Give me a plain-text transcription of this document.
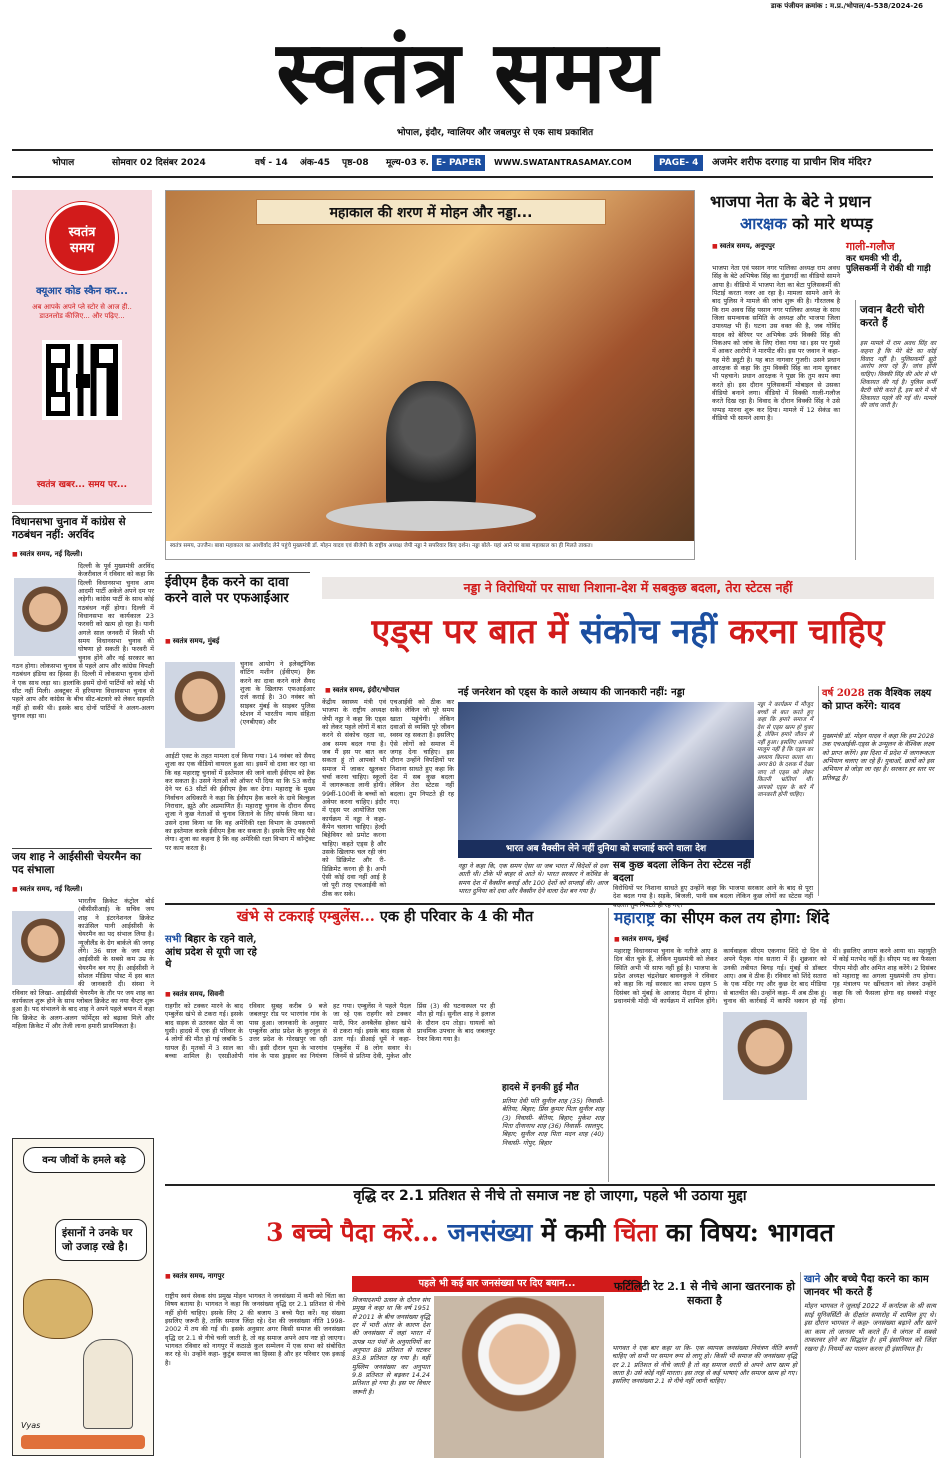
डाक पंजीयन क्रमांक : म.प्र./भोपाल/4-538/2024-26
स्वतंत्र समय
भोपाल, इंदौर, ग्वालियर और जबलपुर से एक साथ प्रकाशित
भोपाल	सोमवार 02 दिसंबर 2024	वर्ष - 14 अंक-45 पृष्ठ-08 मूल्य-03 रु. E- PAPER	WWW.SWATANTRASAMAY.COM	PAGE- 4	अजमेर शरीफ दरगाह या प्राचीन शिव मंदिर?
स्वतंत्र
समय
क्यूआर कोड स्कैन कर...
अब आपके अपने प्ले स्टोर से आज ही.. डाउनलोड कीजिए... और पढ़िए...
स्वतंत्र खबर... समय पर...
महाकाल की शरण में मोहन और नड्डा...
स्वतंत्र समय, उज्जैन। बाबा महाकाल का आशीर्वाद लेने पहुंचे मुख्यमंत्री डॉ. मोहन यादव एवं बीजेपी के राष्ट्रीय अध्यक्ष जेपी नड्डा ने सपरिवार किए दर्शन। नड्डा बोले- यहां आने पर बाबा महाकाल का ही मिलते ताकत।
भाजपा नेता के बेटे ने प्रधान
आरक्षक को मारे थप्पड़
■ स्वतंत्र समय, अनूपपुर	गाली-गलौज
कर धमकी भी दी, पुलिसकर्मी ने रोकी थी गाड़ी
भाजपा नेता एवं पसान नगर पालिका अध्यक्ष राम अवध सिंह के बेटे अभिषेक सिंह का गुंडागर्दी का वीडियो सामने आया है। वीडियो में भाजपा नेता का बेटा पुलिसकर्मी की पिटाई करता नजर आ रहा है। मामला सामने आने के बाद पुलिस ने मामले की जांच शुरू की है। गौरतलब है कि राम अवध सिंह पसान नगर पालिका अध्यक्ष के साथ जिला समन्वयक समिति के अध्यक्ष और भाजपा जिला उपाध्यक्ष भी हैं। घटना उस वक्त की है, जब गोविंद यादव को बेरियर पर अभिषेक उर्फ विक्की सिंह की पिकअप को जांच के लिए रोका गया था। इस पर गुस्से में आकर आरोपी ने मारपीट की। इस पर जवान ने कहा- यह मेरी ड्यूटी है। यह बात नागवार गुजरी। उसने प्रधान आरक्षक से कहा कि तुम विक्की सिंह का नाम सुनकर भी पहचाने। प्रधान आरक्षक ने पूछा कि तुम काम क्या करते हो। इस दौरान पुलिसकर्मी मोबाइल से उसका वीडियो बनाने लगा। वीडियो में विक्की गाली-गलौज करते दिख रहा है। विवाद के दौरान विक्की सिंह ने उसे थप्पड़ मारना शुरू कर दिया। मामले में 12 सेकंड का वीडियो भी सामने आया है।
जवान बैटरी चोरी करते हैं
इस मामले में राम अवध सिंह का कहना है कि मेरे बेटे का कोई विवाद नहीं है। पुलिसकर्मी झूठे आरोप लगा रहे हैं। जांच होनी चाहिए। विक्की सिंह की ओर से भी शिकायत की गई है। पुलिस कर्मी बैटरी चोरी करते हैं, इस बारे में भी शिकायत पहले की गई थी। मामले की जांच जारी है।
विधानसभा चुनाव में कांग्रेस से गठबंधन नहीं: अरविंद
■ स्वतंत्र समय, नई दिल्ली।
दिल्ली के पूर्व मुख्यमंत्री अरविंद केजरीवाल ने रविवार को कहा कि दिल्ली विधानसभा चुनाव आम आदमी पार्टी अकेले अपने दम पर लड़ेगी। कांग्रेस पार्टी के साथ कोई गठबंधन नहीं होगा। दिल्ली में विधानसभा का कार्यकाल 23 फरवरी को खत्म हो रहा है। यानी अगले साल जनवरी में किसी भी समय विधानसभा चुनाव की घोषणा हो सकती है। फरवरी में चुनाव होंगे और नई सरकार का गठन होगा। लोकसभा चुनाव से पहले आप और कांग्रेस विपक्षी गठबंधन इंडिया का हिस्सा हैं। दिल्ली में लोकसभा चुनाव दोनों ने एक साथ लड़ा था। हालांकि इसमें दोनों पार्टियों को कोई भी सीट नहीं मिली। अक्टूबर में हरियाणा विधानसभा चुनाव से पहले आप और कांग्रेस के बीच सीट-बंटवारे को लेकर सहमति नहीं हो सकी थी। इसके बाद दोनों पार्टियों ने अलग-अलग चुनाव लड़ा था।
जय शाह ने आईसीसी चेयरमैन का पद संभाला
■ स्वतंत्र समय, नई दिल्ली।
भारतीय क्रिकेट कंट्रोल बोर्ड (बीसीसीआई) के सचिव जय शाह ने इंटरनेशनल क्रिकेट काउंसिल यानी आईसीसी के चेयरमैन का पद संभाल लिया है। न्यूजीलैंड के ग्रेग बार्कले की जगह लेंगे। 36 साल के जय शाह आईसीसी के सबसे कम उम्र के चेयरमैन बन गए हैं। आईसीसी ने सोशल मीडिया पोस्ट में इस बात की जानकारी दी। संस्था ने रविवार को लिखा- आईसीसी चेयरमैन के तौर पर जय शाह का कार्यकाल शुरू होने के साथ ग्लोबल क्रिकेट का नया चैप्टर शुरू हुआ है। पद संभालने के बाद शाह ने अपने पहले बयान में कहा कि क्रिकेट के अलग-अलग फॉर्मेट्स को बढ़ावा मिले और महिला क्रिकेट में और तेजी लाना हमारी प्राथमिकता है।
वन्य जीवों के हमले बढ़े
इंसानों ने उनके घर जो उजाड़ रखे है।
Vyas
ईवीएम हैक करने का दावा करने वाले पर एफआईआर
■ स्वतंत्र समय, मुंबई
चुनाव आयोग ने इलेक्ट्रॉनिक वोटिंग मशीन (ईवीएम) हैक करने का दावा करने वाले सैयद शुजा के खिलाफ एफआईआर दर्ज कराई है। 30 नवंबर को साइबर मुंबई के साइबर पुलिस स्टेशन में भारतीय न्याय संहिता (एनबीएस) और
आईटी एक्ट के तहत मामला दर्ज किया गया। 14 नवंबर को सैयद शुजा का एक वीडियो वायरल हुआ था। इसमें वो दावा कर रहा था कि वह महाराष्ट्र चुनावों में इस्तेमाल की जाने वाली ईवीएम को हैक कर सकता है। उसने नेताओं को ऑफर भी दिया था कि 53 करोड़ देने पर 63 सीटों की ईवीएम हैक कर देगा। महाराष्ट्र के मुख्य निर्वाचन अधिकारी ने कहा कि ईवीएम हैक करने के दावे बिल्कुल निराधार, झूठे और अप्रमाणित हैं। महाराष्ट्र चुनाव के दौरान सैयद शुजा ने कुछ नेताओं से चुनाव जिताने के लिए संपर्क किया था। उसने दावा किया था कि वह अमेरिकी रक्षा विभाग के उपकरणों का इस्तेमाल करके ईवीएम हैक कर सकता है। इसके लिए वह पैसे लेगा। शुजा का कहना है कि वह अमेरिकी रक्षा विभाग में कॉन्ट्रेक्ट पर काम करता है।
नड्डा ने विरोधियों पर साधा निशाना-देश में सबकुछ बदला, तेरा स्टेटस नहीं
एड्स पर बात में संकोच नहीं करना चाहिए
■ स्वतंत्र समय, इंदौर/भोपाल
केंद्रीय स्वास्थ्य मंत्री एवं भाजपा के राष्ट्रीय अध्यक्ष जेपी नड्डा ने कहा कि एड्स को लेकर पहले लोगों में बात करने से संकोच रहता था, अब समय बदल गया है। जब मैं इस पर बात कर सकता हूं तो आपको भी समाज में जाकर खुलकर चर्चा करना चाहिए। स्कूलों में जागरूकता लानी होगी। 99वीं-100वीं के बच्चों को अवेयर करना चाहिए। इंदौर में एड्स पर आयोजित एक कार्यक्रम में नड्डा ने कहा- कैंपेन चलाना चाहिए। हेल्दी बिहेवियर को प्रमोट करना चाहिए। कहते एड्स है और उसके खिलाफ चल रही जंग को डिक्रिमेट और री-डिक्रिमेट करना ही है। अभी ऐसी कोई दवा नहीं आई है जो पूरी तरह एचआईवी को ठीक कर सके।
एचआईवी को ठीक कर सके। लेकिन जो पूरे समय खाता पहुंचेगी। लेकिन दवाओं से व्यक्ति पूरे जीवन स्वस्थ रह सकता है। इसलिए ऐसे लोगों को समाज में जगह देना चाहिए। इस दौरान उन्होंने विपक्षियों पर निशाना साधते हुए कहा कि देश में सब कुछ बदला लेकिन तेरा स्टेटस नहीं बदला। तुम निपटते ही रह गए।
नई जनरेशन को एड्स के काले अध्याय की जानकारी नहीं: नड्डा
भारत अब वैक्सीन लेने नहीं दुनिया को सप्लाई करने वाला देश
नड्डा ने कार्यक्रम में मौजूद बच्चों से बात करते हुए कहा कि हमारे समाज में देश से एड्स खत्म हो चुका है, लेकिन हमारे जीवन से नहीं हुआ। इसलिए आपको मालूम नहीं है कि एड्स का अध्याय कितना काला था। अगर 80 के दशक में देखा जाए तो एड्स को लेकर कितनी भ्रांतियां थीं। आपको एड्स के बारे में जानकारी होनी चाहिए।
नड्डा ने कहा कि, एक समय ऐसा था जब भारत में विदेशों से दवा आती थी। टीके भी बाहर से आते थे। भारत सरकार ने कोविड के समय देश में वैक्सीन बनाई और 100 देशों को सप्लाई की। आज भारत दुनिया को दवा और वैक्सीन देने वाला देश बन गया है।
सब कुछ बदला लेकिन तेरा स्टेटस नहीं बदला
विरोधियों पर निशाना साधते हुए उन्होंने कहा कि भाजपा सरकार आने के बाद से पूरा देश बदल गया है। सड़कें, बिजली, पानी सब बदला लेकिन कुछ लोगों का स्टेटस नहीं
वर्ष 2028 तक वैश्विक लक्ष्य को प्राप्त करेंगे: यादव
मुख्यमंत्री डॉ. मोहन यादव ने कहा कि हम 2028 तक एचआईवी-एड्स के उन्मूलन के वैश्विक लक्ष्य को प्राप्त करेंगे। इस दिशा में प्रदेश में जागरूकता अभियान चलाए जा रहे हैं। युवाओं, छात्रों को इस अभियान से जोड़ा जा रहा है। सरकार हर स्तर पर प्रतिबद्ध है।
खंभे से टकराई एम्बुलेंस... एक ही परिवार के 4 की मौत
सभी बिहार के रहने वाले, आंध प्रदेश से यूपी जा रहे थे
■ स्वतंत्र समय, सिवनी
राहगीर को टक्कर मारने के बाद एम्बुलेंस खंभे से टकरा गई। इसके बाद सड़क से उतरकर खेत में जा घुसी। हादसे में एक ही परिवार के 4 लोगों की मौत हो गई जबकि 5 घायल हैं। मृतकों में 3 साल का बच्चा शामिल है। एसडीओपी रविवार सुबह करीब 9 बजे जबलपुर रोड पर भारगांव गांव के पास हुआ। जानकारी के अनुसार एम्बुलेंस आंध्र प्रदेश के कुरनूल से उत्तर प्रदेश के गोरखपुर जा रही थी। इसी दौरान घूमा के भारगांव गांव के पास ड्राइवर का नियंत्रण हट गया। एम्बुलेंस ने पहले पैदल जा रहे एक राहगीर को टक्कर मारी, फिर अनबैलेंस होकर खंभे से टकरा गई। इसके बाद सड़क से उतर गई। डीआई धूमें ने कहा- एम्बुलेंस में 8 लोग सवार थे। जिनमें से प्रतिमा देवी, मुकेश और प्रिंस (3) की घटनास्थल पर ही मौत हो गई। सुनील शाह ने इलाज के दौरान दम तोड़ा। घायलों को प्राथमिक उपचार के बाद जबलपुर रेफर किया गया है।
हादसे में इनकी हुई मौत
प्रतिमा देवी पति सुनील शाह (35) निवासी- बेतिया, बिहार; प्रिंस कुमार पिता सुनील शाह (3) निवासी- बेतिया, बिहार; मुकेश शाह पिता दीनानाथ शाह (36) निवासी- रसलपुर, बिहार; सुनील शाह पिता मदन शाह (40) निवासी- गोपुर, बिहार
महाराष्ट्र का सीएम कल तय होगा: शिंदे
■ स्वतंत्र समय, मुंबई
महाराष्ट्र विधानसभा चुनाव के नतीजे आए 8 दिन बीत चुके हैं, लेकिन मुख्यमंत्री को लेकर स्थिति अभी भी साफ नहीं हुई है। भाजपा के प्रदेश अध्यक्ष चंद्रशेखर बावनकुले ने रविवार को कहा कि नई सरकार का शपथ ग्रहण 5 दिसंबर को मुंबई के आजाद मैदान में होगा। प्रधानमंत्री मोदी भी कार्यक्रम में शामिल होंगे। कार्यवाहक सीएम एकनाथ शिंदे दो दिन से अपने पैतृक गांव सतारा में हैं। शुक्रवार को उनकी तबीयत बिगड़ गई। मुंबई से डॉक्टर आए। अब वे ठीक हैं। रविवार को शिंदे सतारा के एक मंदिर गए और कुछ देर बाद मीडिया से बातचीत की। उन्होंने कहा- मैं अब ठीक हूं। चुनाव की कार्रवाई में काफी थकान हो गई थी। इसलिए आराम करने आया था। महायुति में कोई मतभेद नहीं है। सीएम पद का फैसला पीएम मोदी और अमित शाह करेंगे। 2 दिसंबर को महाराष्ट्र का अगला मुख्यमंत्री तय होगा। गृह मंत्रालय पर खींचतान को लेकर उन्होंने कहा कि जो फैसला होगा वह सबको मंजूर होगा।
वृद्धि दर 2.1 प्रतिशत से नीचे तो समाज नष्ट हो जाएगा, पहले भी उठाया मुद्दा
3 बच्चे पैदा करें... जनसंख्या में कमी चिंता का विषय: भागवत
■ स्वतंत्र समय, नागपुर
राष्ट्रीय स्वयं सेवक संघ प्रमुख मोहन भागवत ने जनसंख्या में कमी को चिंता का विषय बताया है। भागवत ने कहा कि जनसंख्या वृद्धि दर 2.1 प्रतिशत से नीचे नहीं होनी चाहिए। इसके लिए 2 की बजाय 3 बच्चे पैदा करें। यह संख्या इसलिए जरूरी है, ताकि समाज जिंदा रहे। देश की जनसंख्या नीति 1998-2002 में तय की गई थी। इसके अनुसार अगर किसी समाज की जनसंख्या वृद्धि दर 2.1 से नीचे चली जाती है, तो वह समाज अपने आप नष्ट हो जाएगा। भागवत रविवार को नागपुर में कठाळे कुल सम्मेलन में एक सभा को संबोधित कर रहे थे। उन्होंने कहा- कुटुंब समाज का हिस्सा है और हर परिवार एक इकाई है।
पहले भी कई बार जनसंख्या पर दिए बयान...
विजयादशमी उत्सव के दौरान संघ प्रमुख ने कहा था कि वर्ष 1951 से 2011 के बीच जनसंख्या वृद्धि दर में भारी अंतर के कारण देश की जनसंख्या में जहां भारत में उत्पन्न मत पंथों के अनुयायियों का अनुपात 88 प्रतिशत से घटकर 83.8 प्रतिशत रह गया है। वहीं मुस्लिम जनसंख्या का अनुपात 9.8 प्रतिशत से बढ़कर 14.24 प्रतिशत हो गया है। इस पर विचार जरूरी है।
फर्टिलिटी रेट 2.1 से नीचे आना खतरनाक हो सकता है
भागवत ने एक बार कहा था कि- एक व्यापक जनसंख्या नियंत्रण नीति बननी चाहिए जो सभी पर समान रूप से लागू हो। किसी भी समाज की जनसंख्या वृद्धि दर 2.1 प्रतिशत से नीचे जाती है तो वह समाज धरती से अपने आप खत्म हो जाता है। उसे कोई नहीं मारता। इस तरह से कई भाषाएं और समाज खत्म हो गए। इसलिए जनसंख्या 2.1 से नीचे नहीं जानी चाहिए।
खाने और बच्चे पैदा करने का काम जानवर भी करते हैं
मोहन भागवत ने जुलाई 2022 में कर्नाटक के श्री सत्य साई यूनिवर्सिटी के दीक्षांत समारोह में शामिल हुए थे। इस दौरान भागवत ने कहा- जनसंख्या बढ़ाने और खाने का काम तो जानवर भी करते हैं। ये जंगल में सबसे ताकतवर होने का सिद्धांत है। हमें इंसानियत को जिंदा रखना है। नियमों का पालन करना ही इंसानियत है।
